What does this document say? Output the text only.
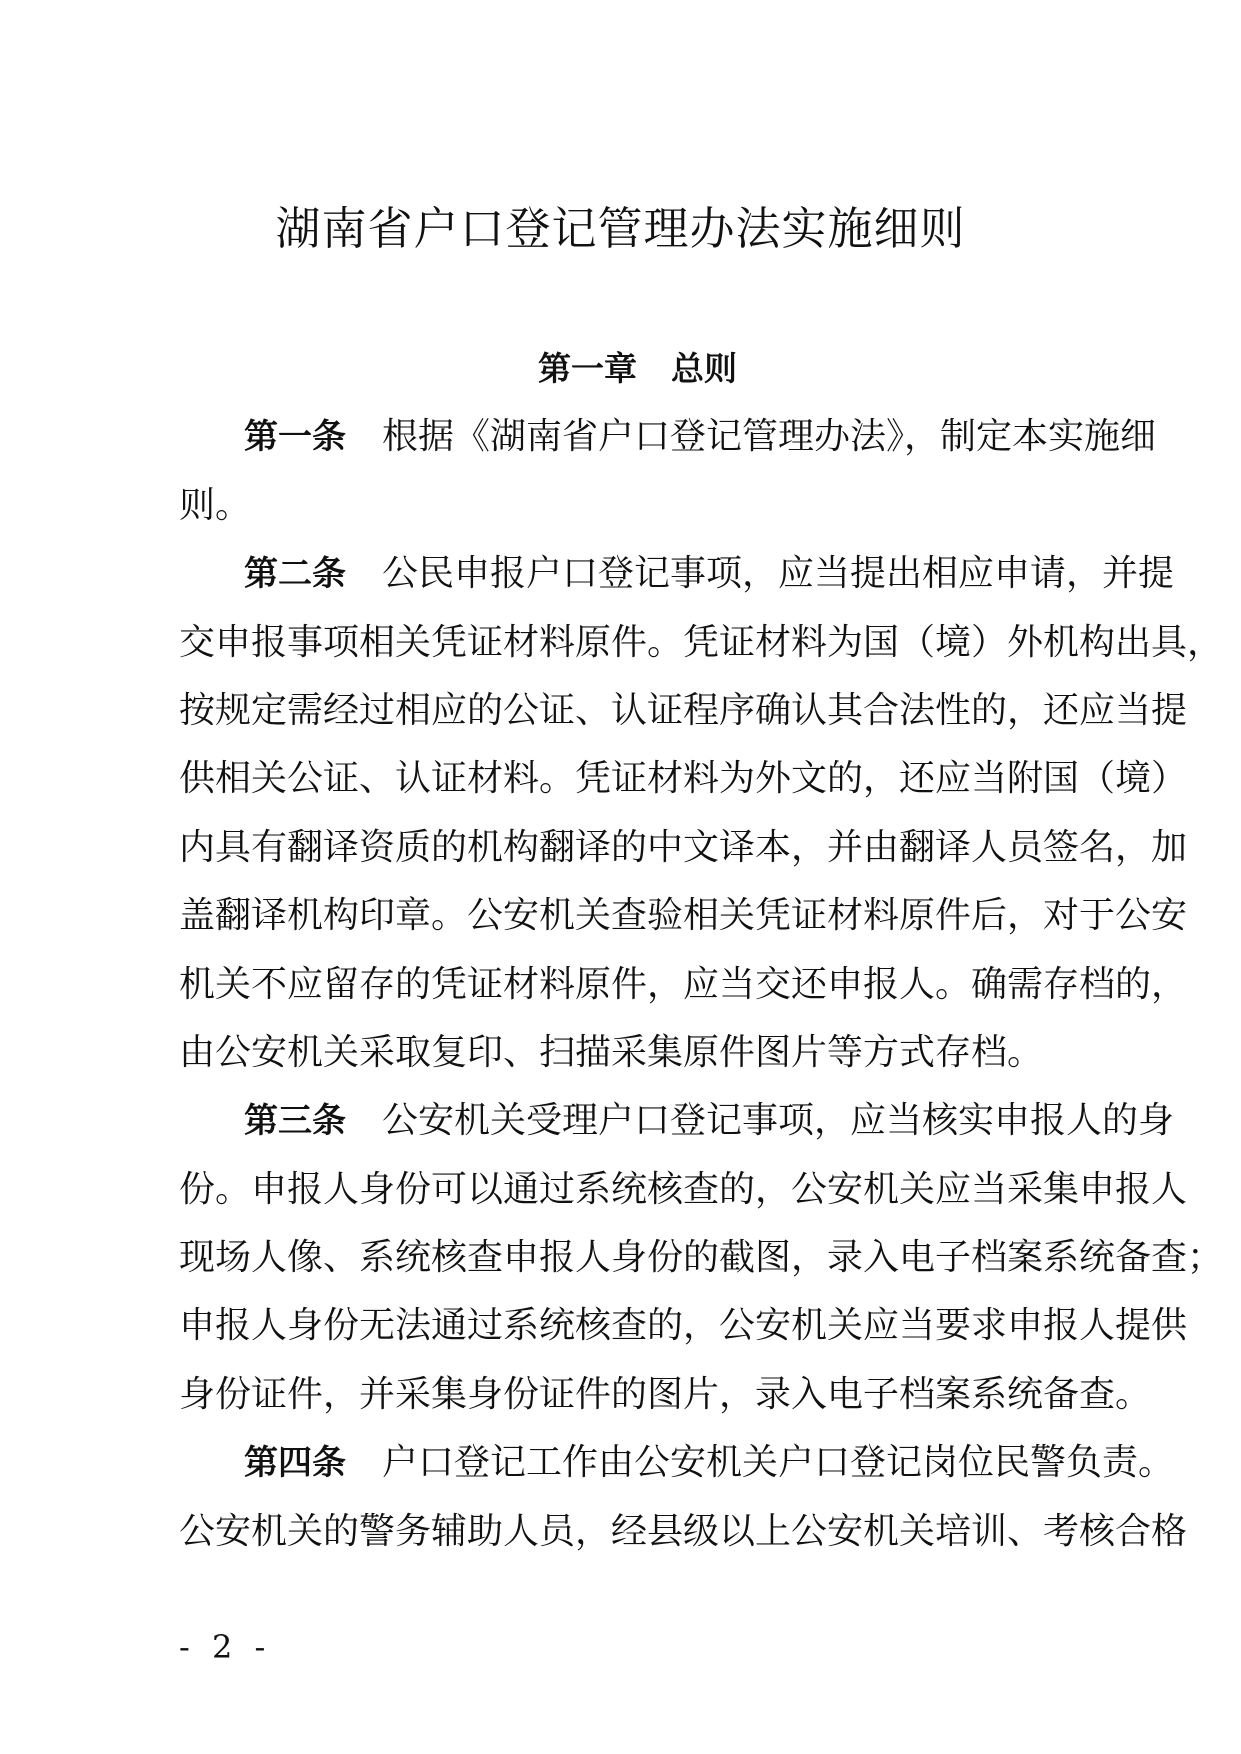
湖南省户口登记管理办法实施细则
第一章 总则
第一条 根据《湖南省户口登记管理办法》，制定本实施细
则。
第二条 公民申报户口登记事项，应当提出相应申请，并提
交申报事项相关凭证材料原件。凭证材料为国（境）外机构出具，
按规定需经过相应的公证、认证程序确认其合法性的，还应当提
供相关公证、认证材料。凭证材料为外文的，还应当附国（境）
内具有翻译资质的机构翻译的中文译本，并由翻译人员签名，加
盖翻译机构印章。公安机关查验相关凭证材料原件后，对于公安
机关不应留存的凭证材料原件，应当交还申报人。确需存档的，
由公安机关采取复印、扫描采集原件图片等方式存档。
第三条 公安机关受理户口登记事项，应当核实申报人的身
份。申报人身份可以通过系统核查的，公安机关应当采集申报人
现场人像、系统核查申报人身份的截图，录入电子档案系统备查；
申报人身份无法通过系统核查的，公安机关应当要求申报人提供
身份证件，并采集身份证件的图片，录入电子档案系统备查。
第四条 户口登记工作由公安机关户口登记岗位民警负责。
公安机关的警务辅助人员，经县级以上公安机关培训、考核合格
- 2 -
